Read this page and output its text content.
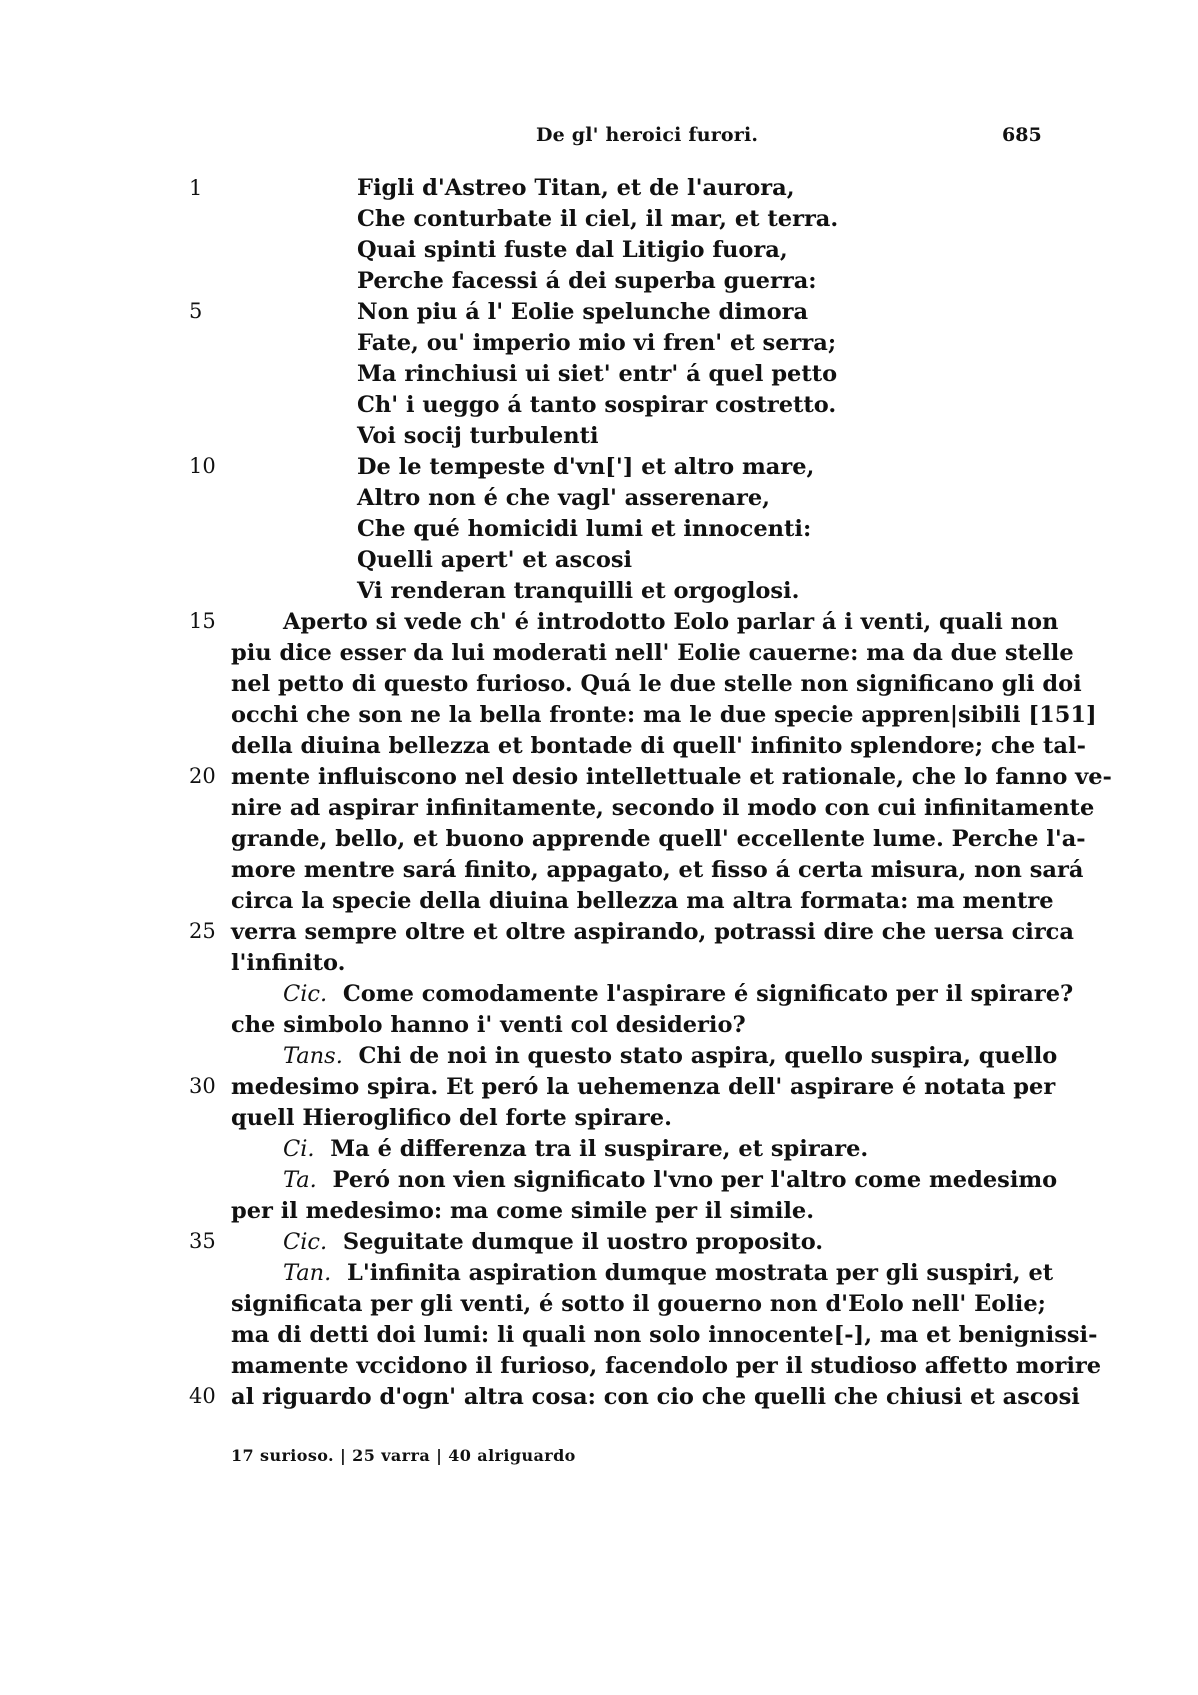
De gl' heroici furori.	685
1
5
10
15
20
25
30
35
40
Figli d'Astreo Titan, et de l'aurora,
Che conturbate il ciel, il mar, et terra.
Quai spinti fuste dal Litigio fuora,
Perche facessi á dei superba guerra:
Non piu á l' Eolie spelunche dimora
Fate, ou' imperio mio vi fren' et serra;
Ma rinchiusi ui siet' entr' á quel petto
Ch' i ueggo á tanto sospirar costretto.
Voi socij turbulenti
De le tempeste d'vn['] et altro mare,
Altro non é che vagl' asserenare,
Che qué homicidi lumi et innocenti:
Quelli apert' et ascosi
Vi renderan tranquilli et orgoglosi.
Aperto si vede ch' é introdotto Eolo parlar á i venti, quali non
piu dice esser da lui moderati nell' Eolie cauerne: ma da due stelle
nel petto di questo furioso. Quá le due stelle non significano gli doi
occhi che son ne la bella fronte: ma le due specie appren|sibili [151]
della diuina bellezza et bontade di quell' infinito splendore; che tal-
mente influiscono nel desio intellettuale et rationale, che lo fanno ve-
nire ad aspirar infinitamente, secondo il modo con cui infinitamente
grande, bello, et buono apprende quell' eccellente lume. Perche l'a-
more mentre sará finito, appagato, et fisso á certa misura, non sará
circa la specie della diuina bellezza ma altra formata: ma mentre
verra sempre oltre et oltre aspirando, potrassi dire che uersa circa
l'infinito.
Cic. Come comodamente l'aspirare é significato per il spirare?
che simbolo hanno i' venti col desiderio?
Tans. Chi de noi in questo stato aspira, quello suspira, quello
medesimo spira. Et peró la uehemenza dell' aspirare é notata per
quell Hieroglifico del forte spirare.
Ci. Ma é differenza tra il suspirare, et spirare.
Ta. Peró non vien significato l'vno per l'altro come medesimo
per il medesimo: ma come simile per il simile.
Cic. Seguitate dumque il uostro proposito.
Tan. L'infinita aspiration dumque mostrata per gli suspiri, et
significata per gli venti, é sotto il gouerno non d'Eolo nell' Eolie;
ma di detti doi lumi: li quali non solo innocente[-], ma et benignissi-
mamente vccidono il furioso, facendolo per il studioso affetto morire
al riguardo d'ogn' altra cosa: con cio che quelli che chiusi et ascosi
17 surioso. | 25 varra | 40 alriguardo
